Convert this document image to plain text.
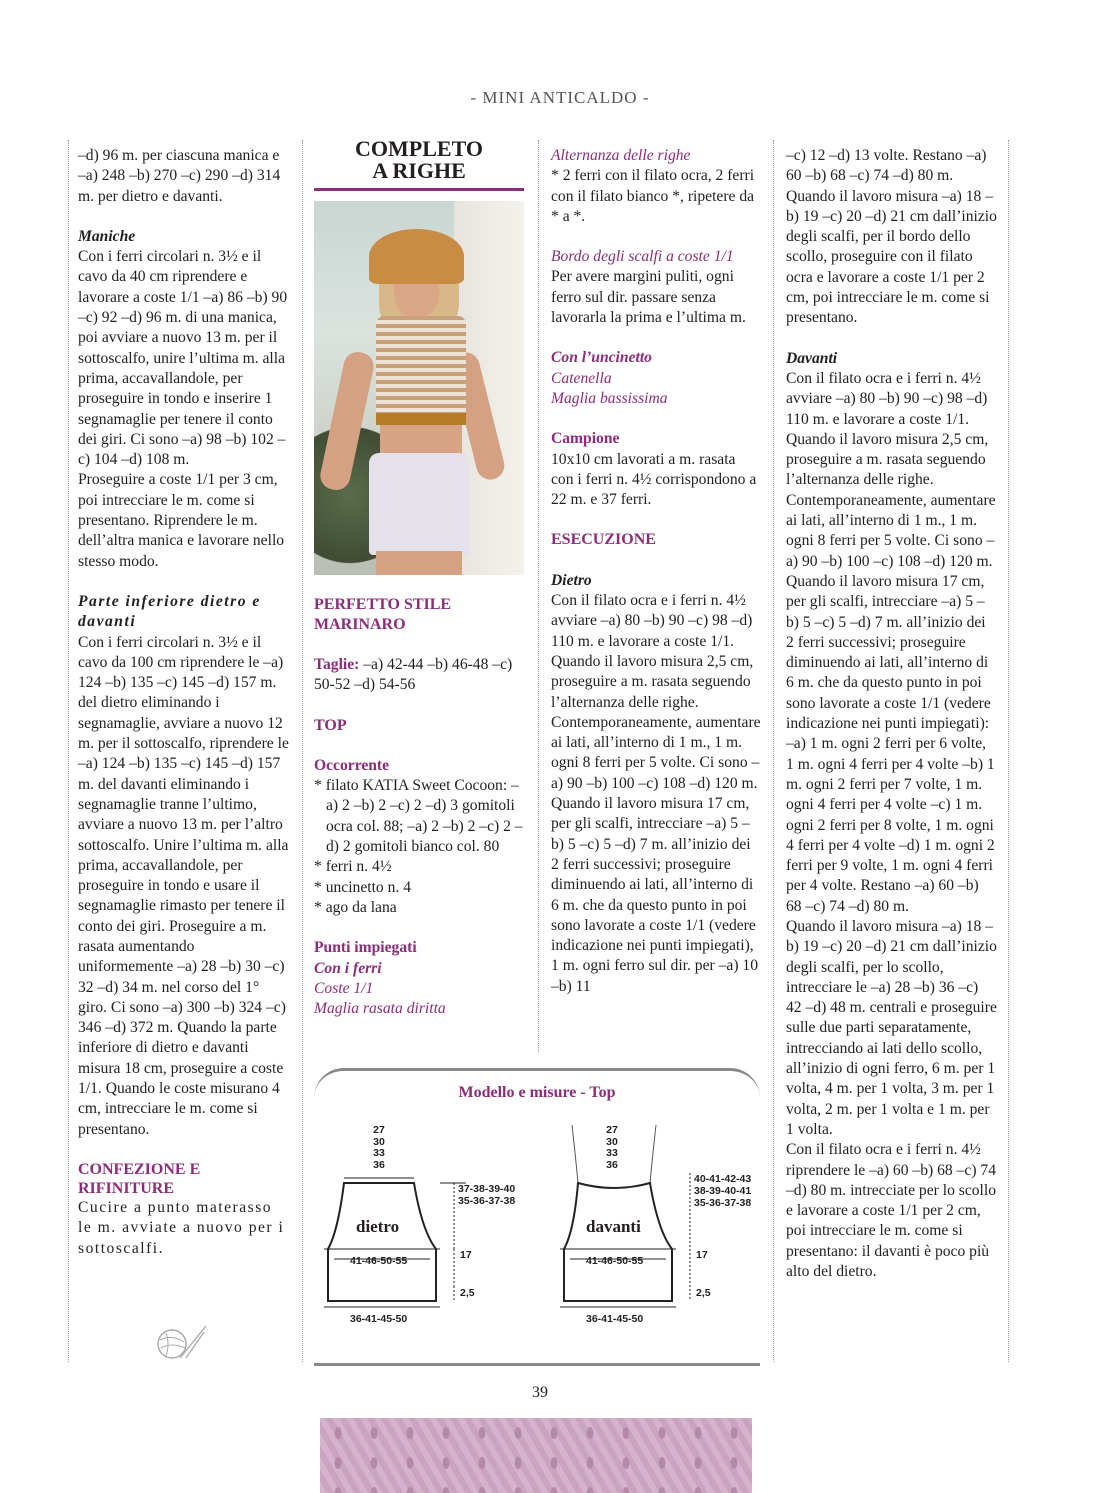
- MINI ANTICALDO -

–d) 96 m. per ciascuna manica e –a) 248 –b) 270 –c) 290 –d) 314 m. per dietro e davanti.

Maniche

Con i ferri circolari n. 3½ e il cavo da 40 cm riprendere e lavorare a coste 1/1 –a) 86 –b) 90 –c) 92 –d) 96 m. di una manica, poi avviare a nuovo 13 m. per il sottoscalfo, unire l’ultima m. alla prima, accavallandole, per proseguire in tondo e inserire 1 segnamaglie per tenere il conto dei giri. Ci sono –a) 98 –b) 102 –c) 104 –d) 108 m.

Proseguire a coste 1/1 per 3 cm, poi intrecciare le m. come si presentano. Riprendere le m. dell’altra manica e lavorare nello stesso modo.

Parte inferiore dietro e davanti

Con i ferri circolari n. 3½ e il cavo da 100 cm riprendere le –a) 124 –b) 135 –c) 145 –d) 157 m. del dietro eliminando i segnamaglie, avviare a nuovo 12 m. per il sottoscalfo, riprendere le –a) 124 –b) 135 –c) 145 –d) 157 m. del davanti eliminando i segnamaglie tranne l’ultimo, avviare a nuovo 13 m. per l’altro sottoscalfo. Unire l’ultima m. alla prima, accavallandole, per proseguire in tondo e usare il segnamaglie rimasto per tenere il conto dei giri. Proseguire a m. rasata aumentando uniformemente –a) 28 –b) 30 –c) 32 –d) 34 m. nel corso del 1° giro. Ci sono –a) 300 –b) 324 –c) 346 –d) 372 m. Quando la parte inferiore di dietro e davanti misura 18 cm, proseguire a coste 1/1. Quando le coste misurano 4 cm, intrecciare le m. come si presentano.

CONFEZIONE E RIFINITURE

Cucire a punto materasso le m. avviate a nuovo per i sottoscalfi.

COMPLETO A RIGHE

PERFETTO STILE MARINARO

Taglie: –a) 42-44 –b) 46-48 –c) 50-52 –d) 54-56

TOP

Occorrente

* filato KATIA Sweet Cocoon: –a) 2 –b) 2 –c) 2 –d) 3 gomitoli ocra col. 88; –a) 2 –b) 2 –c) 2 –d) 2 gomitoli bianco col. 80

* ferri n. 4½

* uncinetto n. 4

* ago da lana

Punti impiegati

Con i ferri

Coste 1/1

Maglia rasata diritta

Alternanza delle righe

* 2 ferri con il filato ocra, 2 ferri con il filato bianco *, ripetere da * a *.

Bordo degli scalfi a coste 1/1

Per avere margini puliti, ogni ferro sul dir. passare senza lavorarla la prima e l’ultima m.

Con l’uncinetto

Catenella

Maglia bassissima

Campione

10x10 cm lavorati a m. rasata con i ferri n. 4½ corrispondono a 22 m. e 37 ferri.

ESECUZIONE

Dietro

Con il filato ocra e i ferri n. 4½ avviare –a) 80 –b) 90 –c) 98 –d) 110 m. e lavorare a coste 1/1.

Quando il lavoro misura 2,5 cm, proseguire a m. rasata seguendo l’alternanza delle righe. Contemporaneamente, aumentare ai lati, all’interno di 1 m., 1 m. ogni 8 ferri per 5 volte. Ci sono –a) 90 –b) 100 –c) 108 –d) 120 m.

Quando il lavoro misura 17 cm, per gli scalfi, intrecciare –a) 5 –b) 5 –c) 5 –d) 7 m. all’inizio dei 2 ferri successivi; proseguire diminuendo ai lati, all’interno di 6 m. che da questo punto in poi sono lavorate a coste 1/1 (vedere indicazione nei punti impiegati), 1 m. ogni ferro sul dir. per –a) 10 –b) 11

–c) 12 –d) 13 volte. Restano –a) 60 –b) 68 –c) 74 –d) 80 m. Quando il lavoro misura –a) 18 –b) 19 –c) 20 –d) 21 cm dall’inizio degli scalfi, per il bordo dello scollo, proseguire con il filato ocra e lavorare a coste 1/1 per 2 cm, poi intrecciare le m. come si presentano.

Davanti

Con il filato ocra e i ferri n. 4½ avviare –a) 80 –b) 90 –c) 98 –d) 110 m. e lavorare a coste 1/1.

Quando il lavoro misura 2,5 cm, proseguire a m. rasata seguendo l’alternanza delle righe. Contemporaneamente, aumentare ai lati, all’interno di 1 m., 1 m. ogni 8 ferri per 5 volte. Ci sono –a) 90 –b) 100 –c) 108 –d) 120 m.

Quando il lavoro misura 17 cm, per gli scalfi, intrecciare –a) 5 –b) 5 –c) 5 –d) 7 m. all’inizio dei 2 ferri successivi; proseguire diminuendo ai lati, all’interno di 6 m. che da questo punto in poi sono lavorate a coste 1/1 (vedere indicazione nei punti impiegati):

–a) 1 m. ogni 2 ferri per 6 volte, 1 m. ogni 4 ferri per 4 volte –b) 1 m. ogni 2 ferri per 7 volte, 1 m. ogni 4 ferri per 4 volte –c) 1 m. ogni 2 ferri per 8 volte, 1 m. ogni 4 ferri per 4 volte –d) 1 m. ogni 2 ferri per 9 volte, 1 m. ogni 4 ferri per 4 volte. Restano –a) 60 –b) 68 –c) 74 –d) 80 m.

Quando il lavoro misura –a) 18 –b) 19 –c) 20 –d) 21 cm dall’inizio degli scalfi, per lo scollo, intrecciare le –a) 28 –b) 36 –c) 42 –d) 48 m. centrali e proseguire sulle due parti separatamente, intrecciando ai lati dello scollo, all’inizio di ogni ferro, 6 m. per 1 volta, 4 m. per 1 volta, 3 m. per 1 volta, 2 m. per 1 volta e 1 m. per 1 volta.

Con il filato ocra e i ferri n. 4½ riprendere le –a) 60 –b) 68 –c) 74 –d) 80 m. intrecciate per lo scollo e lavorare a coste 1/1 per 2 cm, poi intrecciare le m. come si presentano: il davanti è poco più alto del dietro.

Modello e misure - Top
27
30
33
36
dietro
41-46-50-55
36-41-45-50
37-38-39-40
35-36-37-38
17
2,5
27
30
33
36
davanti
41-46-50-55
36-41-45-50
40-41-42-43
38-39-40-41
35-36-37-38
17
2,5
39
